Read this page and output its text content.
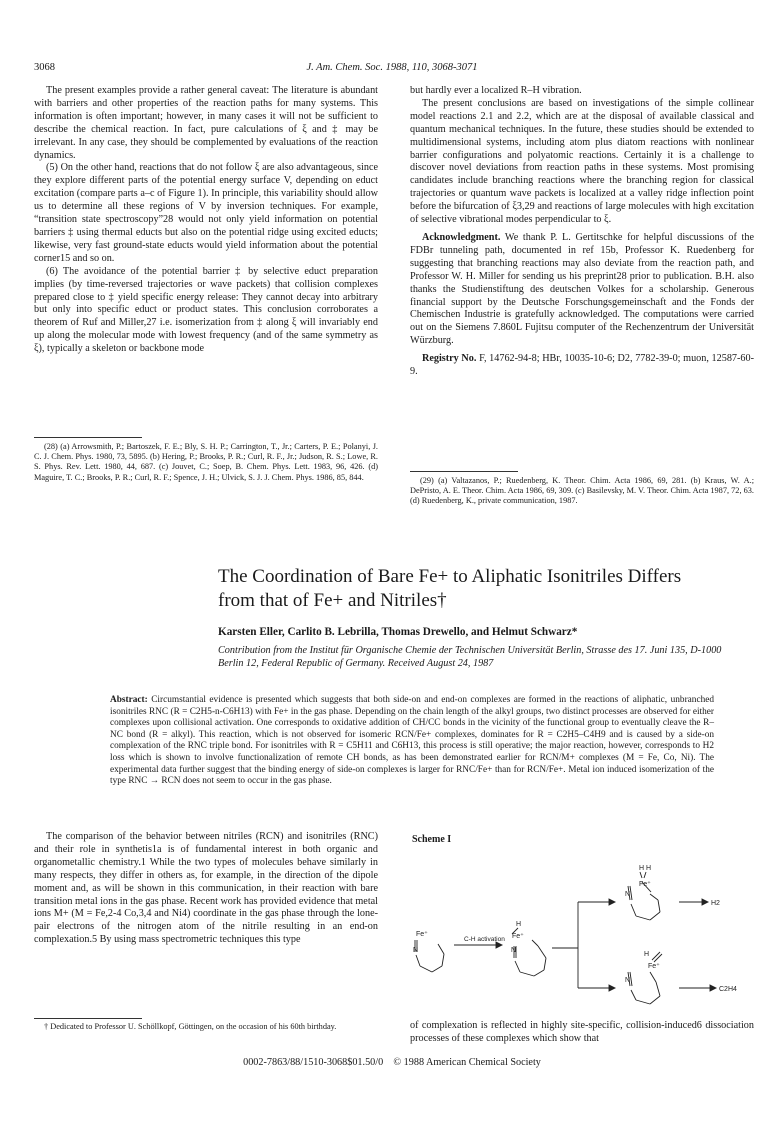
3068	J. Am. Chem. Soc. 1988, 110, 3068-3071

The present examples provide a rather general caveat: The literature is abundant with barriers and other properties of the reaction paths for many systems. This information is often important; however, in many cases it will not be sufficient to describe the chemical reaction. In fact, pure calculations of ξ and ‡ may be irrelevant. In any case, they should be complemented by evaluations of the reaction dynamics.

(5) On the other hand, reactions that do not follow ξ are also advantageous, since they explore different parts of the potential energy surface V, depending on educt excitation (compare parts a–c of Figure 1). In principle, this variability should allow us to determine all these regions of V by inversion techniques. For example, “transition state spectroscopy”28 would not only yield information on potential barriers ‡ using thermal educts but also on the potential ridge using excited educts; likewise, very fast ground-state educts would yield information about the potential corner15 and so on.

(6) The avoidance of the potential barrier ‡ by selective educt preparation implies (by time-reversed trajectories or wave packets) that collision complexes prepared close to ‡ yield specific energy release: They cannot decay into arbitrary but only into specific educt or product states. This conclusion corroborates a theorem of Ruf and Miller,27 i.e. isomerization from ‡ along ξ will invariably end up along the molecular mode with lowest frequency (and of the same symmetry as ξ), typically a skeleton or backbone mode

but hardly ever a localized R–H vibration.

The present conclusions are based on investigations of the simple collinear model reactions 2.1 and 2.2, which are at the disposal of available classical and quantum mechanical techniques. In the future, these studies should be extended to multidimensional systems, including atom plus diatom reactions with nonlinear barrier configurations and polyatomic reactions. Certainly it is a challenge to discover novel deviations from reaction paths in these systems. Most promising candidates include branching reactions where the branching region for classical trajectories or quantum wave packets is localized at a valley ridge inflection point before the bifurcation of ξ3,29 and reactions of large molecules with high excitation of selective vibrational modes perpendicular to ξ.

Acknowledgment. We thank P. L. Gertitschke for helpful discussions of the FDBr tunneling path, documented in ref 15b, Professor K. Ruedenberg for suggesting that branching reactions may also deviate from the reaction path, and Professor W. H. Miller for sending us his preprint28 prior to publication. B.H. also thanks the Studienstiftung des deutschen Volkes for a scholarship. Generous financial support by the Deutsche Forschungsgemeinschaft and the Fonds der Chemischen Industrie is gratefully acknowledged. The computations were carried out on the Siemens 7.860L Fujitsu computer of the Rechenzentrum der Universität Würzburg.

Registry No. F, 14762-94-8; HBr, 10035-10-6; D2, 7782-39-0; muon, 12587-60-9.

(28) (a) Arrowsmith, P.; Bartoszek, F. E.; Bly, S. H. P.; Carrington, T., Jr.; Carters, P. E.; Polanyi, J. C. J. Chem. Phys. 1980, 73, 5895. (b) Hering, P.; Brooks, P. R.; Curl, R. F., Jr.; Judson, R. S.; Lowe, R. S. Phys. Rev. Lett. 1980, 44, 687. (c) Jouvet, C.; Soep, B. Chem. Phys. Lett. 1983, 96, 426. (d) Maguire, T. C.; Brooks, P. R.; Curl, R. F.; Spence, J. H.; Ulvick, S. J. J. Chem. Phys. 1986, 85, 844.	(29) (a) Valtazanos, P.; Ruedenberg, K. Theor. Chim. Acta 1986, 69, 281. (b) Kraus, W. A.; DePristo, A. E. Theor. Chim. Acta 1986, 69, 309. (c) Basilevsky, M. V. Theor. Chim. Acta 1987, 72, 63. (d) Ruedenberg, K., private communication, 1987.

The Coordination of Bare Fe+ to Aliphatic Isonitriles Differs
from that of Fe+ and Nitriles†
Karsten Eller, Carlito B. Lebrilla, Thomas Drewello, and Helmut Schwarz*
Contribution from the Institut für Organische Chemie der Technischen Universität Berlin, Strasse des 17. Juni 135, D-1000 Berlin 12, Federal Republic of Germany. Received August 24, 1987
Abstract: Circumstantial evidence is presented which suggests that both side-on and end-on complexes are formed in the reactions of aliphatic, unbranched isonitriles RNC (R = C2H5-n-C6H13) with Fe+ in the gas phase. Depending on the chain length of the alkyl groups, two distinct processes are observed for either complexes upon collisional activation. One corresponds to oxidative addition of CH/CC bonds in the vicinity of the functional group to eventually cleave the R–NC bond (R = alkyl). This reaction, which is not observed for isomeric RCN/Fe+ complexes, dominates for R = C2H5–C4H9 and is caused by a side-on complexation of the RNC triple bond. For isonitriles with R = C5H11 and C6H13, this process is still operative; the major reaction, however, corresponds to H2 loss which is shown to involve functionalization of remote CH bonds, as has been demonstrated earlier for RCN/M+ complexes (M = Fe, Co, Ni). The experimental data further suggest that the binding energy of side-on complexes is larger for RNC/Fe+ than for RCN/Fe+. Metal ion induced isomerization of the type RNC → RCN does not seem to occur in the gas phase.

The comparison of the behavior between nitriles (RCN) and isonitriles (RNC) and their role in synthetis1a is of fundamental interest in both organic and organometallic chemistry.1 While the two types of molecules behave similarly in many respects, they differ in others as, for example, in the direction of the dipole moment and, as will be shown in this communication, in their reaction with bare transition metal ions in the gas phase. Recent work has provided evidence that metal ions M+ (M = Fe,2-4 Co,3,4 and Ni4) coordinate in the gas phase through the lone-pair electrons of the nitrogen atom of the nitrile resulting in an end-on complexation.5 By using mass spectrometric techniques this type

† Dedicated to Professor U. Schöllkopf, Göttingen, on the occasion of his 60th birthday.

Scheme I
Fe⁺
N
C-H activation
H
Fe⁺
N
H H
Fe⁺
N
H2
H
Fe⁺
N
C2H4

of complexation is reflected in highly site-specific, collision-induced6 dissociation processes of these complexes which show that

0002-7863/88/1510-3068$01.50/0 © 1988 American Chemical Society
